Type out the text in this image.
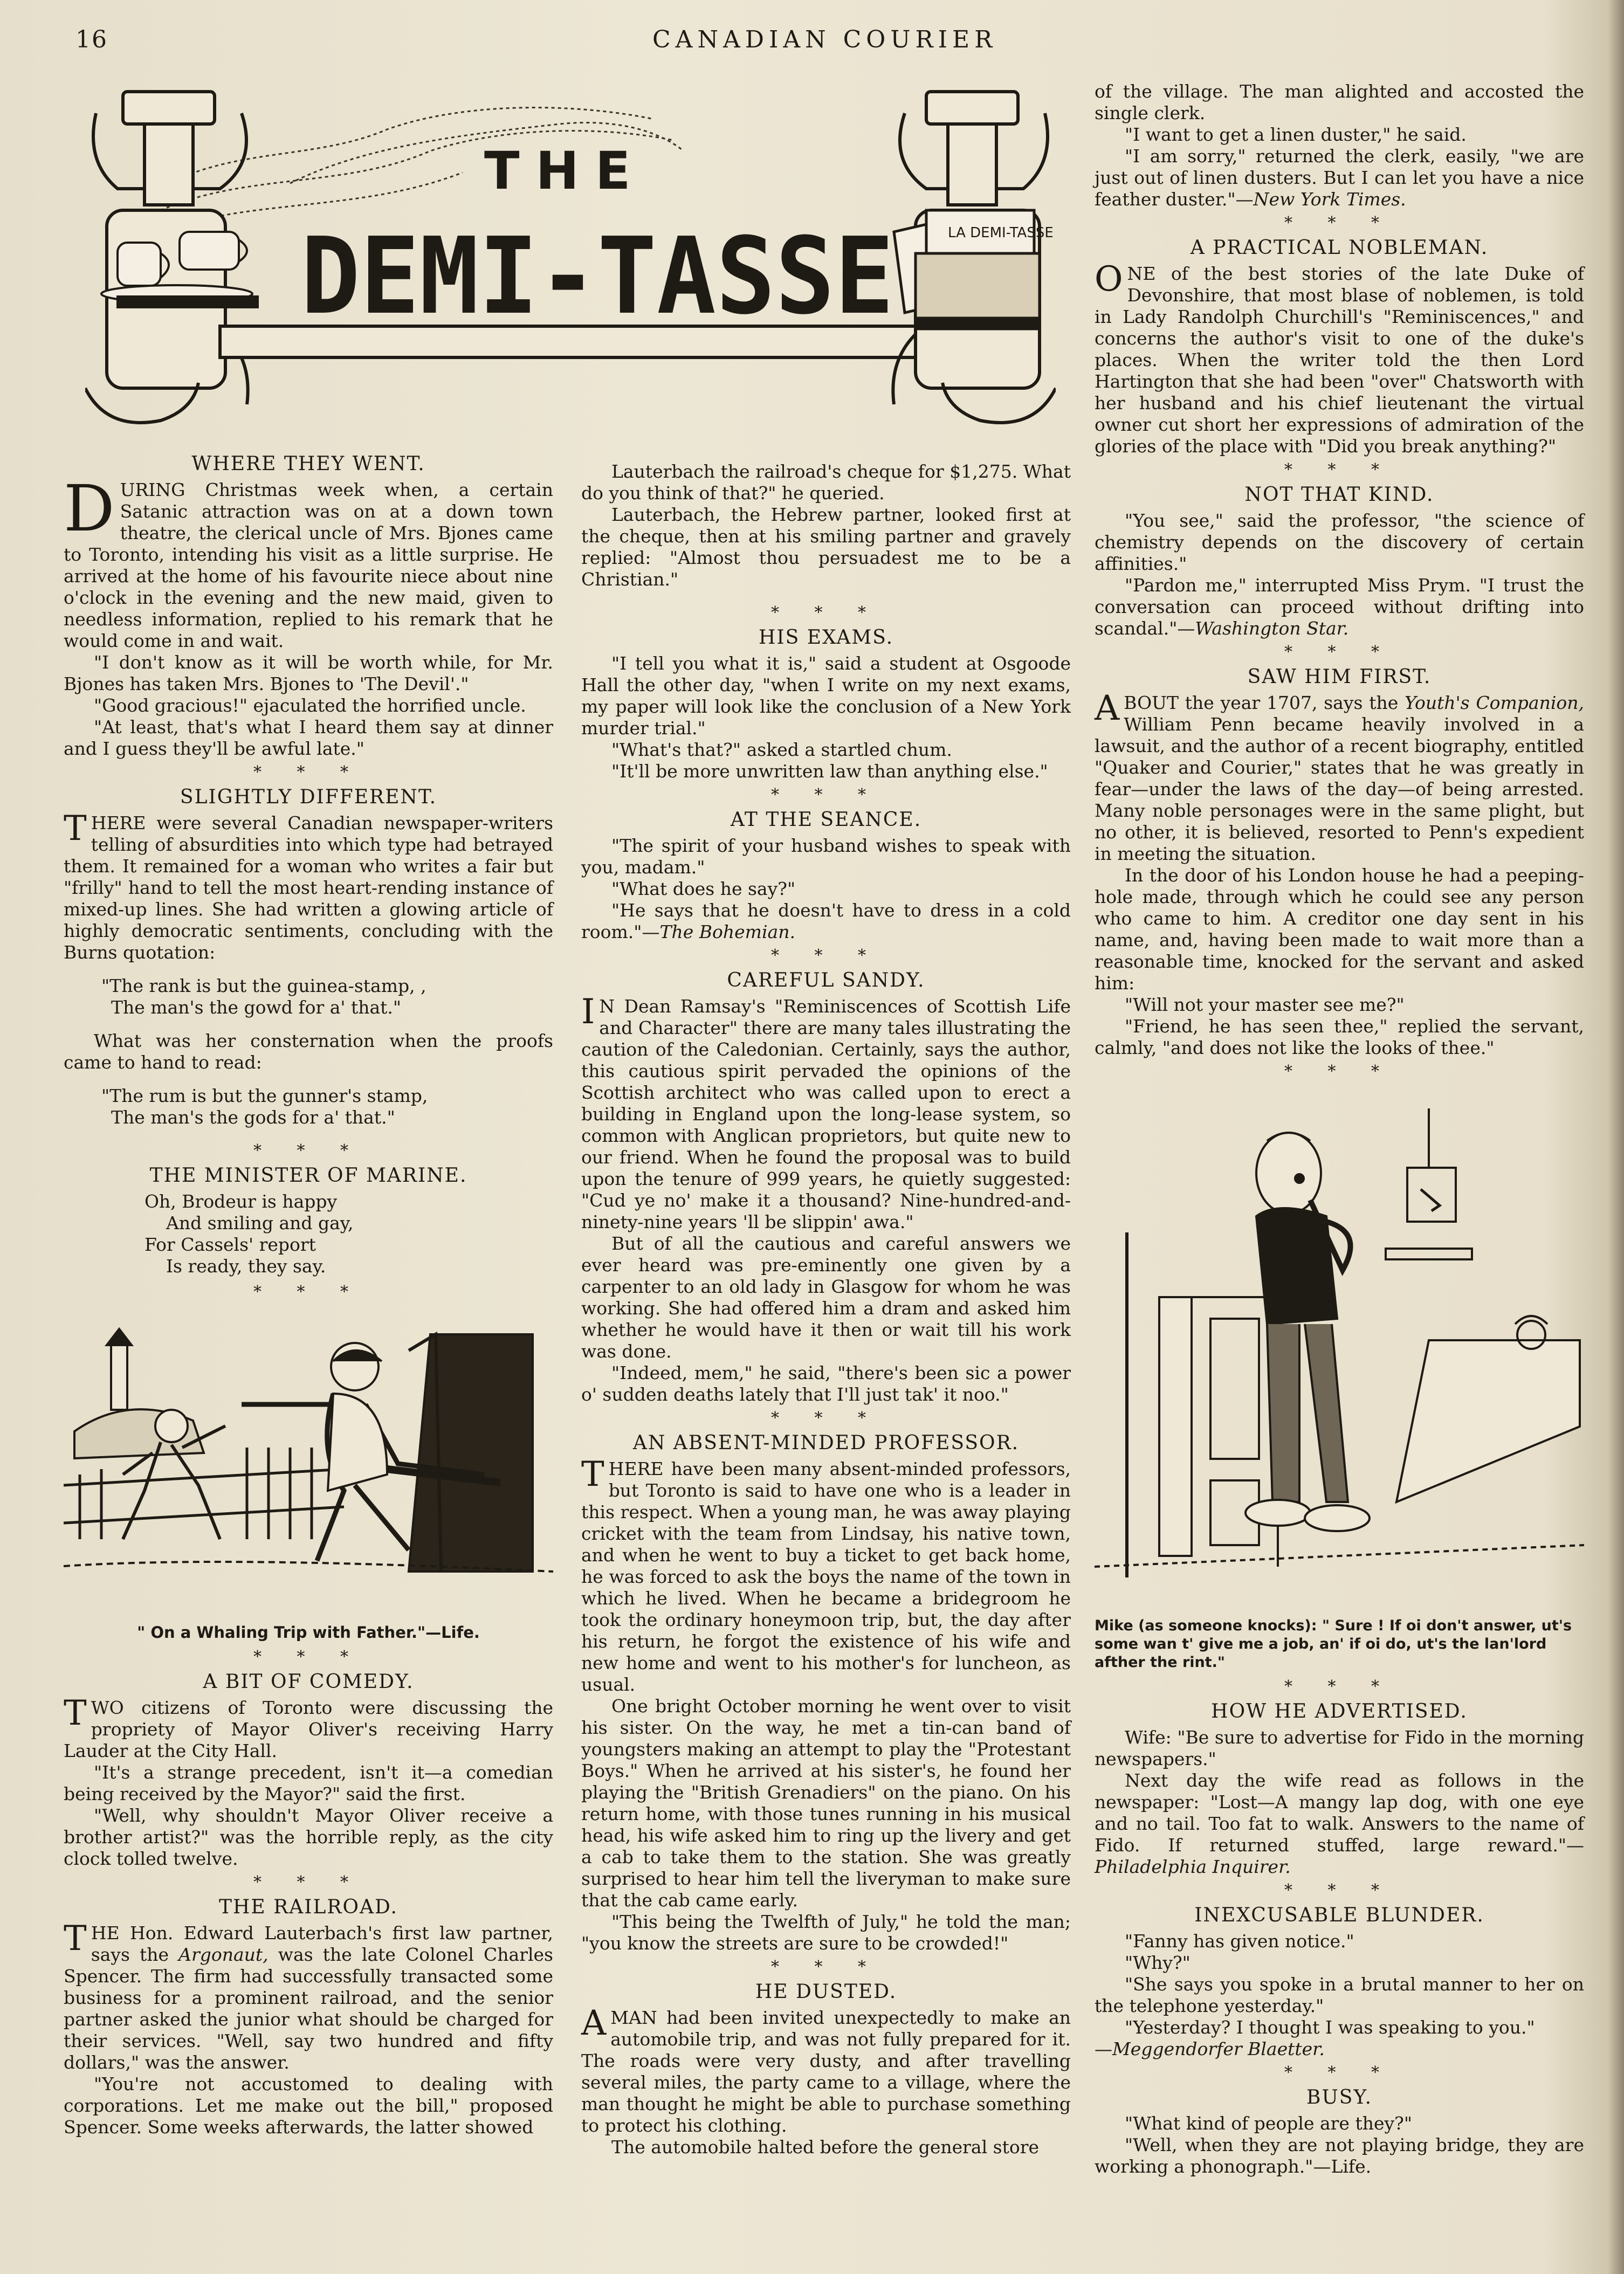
16	CANADIAN COURIER
LA DEMI-TASSE
THE
DEMI-TASSE
WHERE THEY WENT.
DURING Christmas week when, a certain Satanic attraction was on at a down town theatre, the clerical uncle of Mrs. Bjones came to Toronto, intending his visit as a little surprise. He arrived at the home of his favourite niece about nine o'clock in the evening and the new maid, given to needless information, replied to his remark that he would come in and wait.
"I don't know as it will be worth while, for Mr. Bjones has taken Mrs. Bjones to 'The Devil'."
"Good gracious!" ejaculated the horrified uncle.
"At least, that's what I heard them say at dinner and I guess they'll be awful late."
* * *
SLIGHTLY DIFFERENT.
THERE were several Canadian newspaper-writers telling of absurdities into which type had betrayed them. It remained for a woman who writes a fair but "frilly" hand to tell the most heart-rending instance of mixed-up lines. She had written a glowing article of highly democratic sentiments, concluding with the Burns quotation:
"The rank is but the guinea-stamp, ,
The man's the gowd for a' that."
What was her consternation when the proofs came to hand to read:
"The rum is but the gunner's stamp,
The man's the gods for a' that."
* * *
THE MINISTER OF MARINE.
Oh, Brodeur is happy
And smiling and gay,
For Cassels' report
Is ready, they say.
* * *
" On a Whaling Trip with Father."—Life.
* * *
A BIT OF COMEDY.
TWO citizens of Toronto were discussing the propriety of Mayor Oliver's receiving Harry Lauder at the City Hall.
"It's a strange precedent, isn't it—a comedian being received by the Mayor?" said the first.
"Well, why shouldn't Mayor Oliver receive a brother artist?" was the horrible reply, as the city clock tolled twelve.
* * *
THE RAILROAD.
THE Hon. Edward Lauterbach's first law partner, says the Argonaut, was the late Colonel Charles Spencer. The firm had successfully transacted some business for a prominent railroad, and the senior partner asked the junior what should be charged for their services. "Well, say two hundred and fifty dollars," was the answer.
"You're not accustomed to dealing with corporations. Let me make out the bill," proposed Spencer. Some weeks afterwards, the latter showed
Lauterbach the railroad's cheque for $1,275. What do you think of that?" he queried.
Lauterbach, the Hebrew partner, looked first at the cheque, then at his smiling partner and gravely replied: "Almost thou persuadest me to be a Christian."
* * *
HIS EXAMS.
"I tell you what it is," said a student at Osgoode Hall the other day, "when I write on my next exams, my paper will look like the conclusion of a New York murder trial."
"What's that?" asked a startled chum.
"It'll be more unwritten law than anything else."
* * *
AT THE SEANCE.
"The spirit of your husband wishes to speak with you, madam."
"What does he say?"
"He says that he doesn't have to dress in a cold room."—The Bohemian.
* * *
CAREFUL SANDY.
I N Dean Ramsay's "Reminiscences of Scottish Life and Character" there are many tales illustrating the caution of the Caledonian. Certainly, says the author, this cautious spirit pervaded the opinions of the Scottish architect who was called upon to erect a building in England upon the long-lease system, so common with Anglican proprietors, but quite new to our friend. When he found the proposal was to build upon the tenure of 999 years, he quietly suggested: "Cud ye no' make it a thousand? Nine-hundred-and-ninety-nine years 'll be slippin' awa."
But of all the cautious and careful answers we ever heard was pre-eminently one given by a carpenter to an old lady in Glasgow for whom he was working. She had offered him a dram and asked him whether he would have it then or wait till his work was done.
"Indeed, mem," he said, "there's been sic a power o' sudden deaths lately that I'll just tak' it noo."
* * *
AN ABSENT-MINDED PROFESSOR.
THERE have been many absent-minded professors, but Toronto is said to have one who is a leader in this respect. When a young man, he was away playing cricket with the team from Lindsay, his native town, and when he went to buy a ticket to get back home, he was forced to ask the boys the name of the town in which he lived. When he became a bridegroom he took the ordinary honeymoon trip, but, the day after his return, he forgot the existence of his wife and new home and went to his mother's for luncheon, as usual.
One bright October morning he went over to visit his sister. On the way, he met a tin-can band of youngsters making an attempt to play the "Protestant Boys." When he arrived at his sister's, he found her playing the "British Grenadiers" on the piano. On his return home, with those tunes running in his musical head, his wife asked him to ring up the livery and get a cab to take them to the station. She was greatly surprised to hear him tell the liveryman to make sure that the cab came early.
"This being the Twelfth of July," he told the man; "you know the streets are sure to be crowded!"
* * *
HE DUSTED.
AMAN had been invited unexpectedly to make an automobile trip, and was not fully prepared for it. The roads were very dusty, and after travelling several miles, the party came to a village, where the man thought he might be able to purchase something to protect his clothing.
The automobile halted before the general store
of the village. The man alighted and accosted the single clerk.
"I want to get a linen duster," he said.
"I am sorry," returned the clerk, easily, "we are just out of linen dusters. But I can let you have a nice feather duster."—New York Times.
* * *
A PRACTICAL NOBLEMAN.
ONE of the best stories of the late Duke of Devonshire, that most blase of noblemen, is told in Lady Randolph Churchill's "Reminiscences," and concerns the author's visit to one of the duke's places. When the writer told the then Lord Hartington that she had been "over" Chatsworth with her husband and his chief lieutenant the virtual owner cut short her expressions of admiration of the glories of the place with "Did you break anything?"
* * *
NOT THAT KIND.
"You see," said the professor, "the science of chemistry depends on the discovery of certain affinities."
"Pardon me," interrupted Miss Prym. "I trust the conversation can proceed without drifting into scandal."—Washington Star.
* * *
SAW HIM FIRST.
ABOUT the year 1707, says the Youth's Companion, William Penn became heavily involved in a lawsuit, and the author of a recent biography, entitled "Quaker and Courier," states that he was greatly in fear—under the laws of the day—of being arrested. Many noble personages were in the same plight, but no other, it is believed, resorted to Penn's expedient in meeting the situation.
In the door of his London house he had a peeping-hole made, through which he could see any person who came to him. A creditor one day sent in his name, and, having been made to wait more than a reasonable time, knocked for the servant and asked him:
"Will not your master see me?"
"Friend, he has seen thee," replied the servant, calmly, "and does not like the looks of thee."
* * *
Mike (as someone knocks): " Sure ! If oi don't answer, ut's some wan t' give me a job, an' if oi do, ut's the lan'lord afther the rint."
* * *
HOW HE ADVERTISED.
Wife: "Be sure to advertise for Fido in the morning newspapers."
Next day the wife read as follows in the newspaper: "Lost—A mangy lap dog, with one eye and no tail. Too fat to walk. Answers to the name of Fido. If returned stuffed, large reward."—Philadelphia Inquirer.
* * *
INEXCUSABLE BLUNDER.
"Fanny has given notice."
"Why?"
"She says you spoke in a brutal manner to her on the telephone yesterday."
"Yesterday? I thought I was speaking to you."
—Meggendorfer Blaetter.
* * *
BUSY.
"What kind of people are they?"
"Well, when they are not playing bridge, they are working a phonograph."—Life.
